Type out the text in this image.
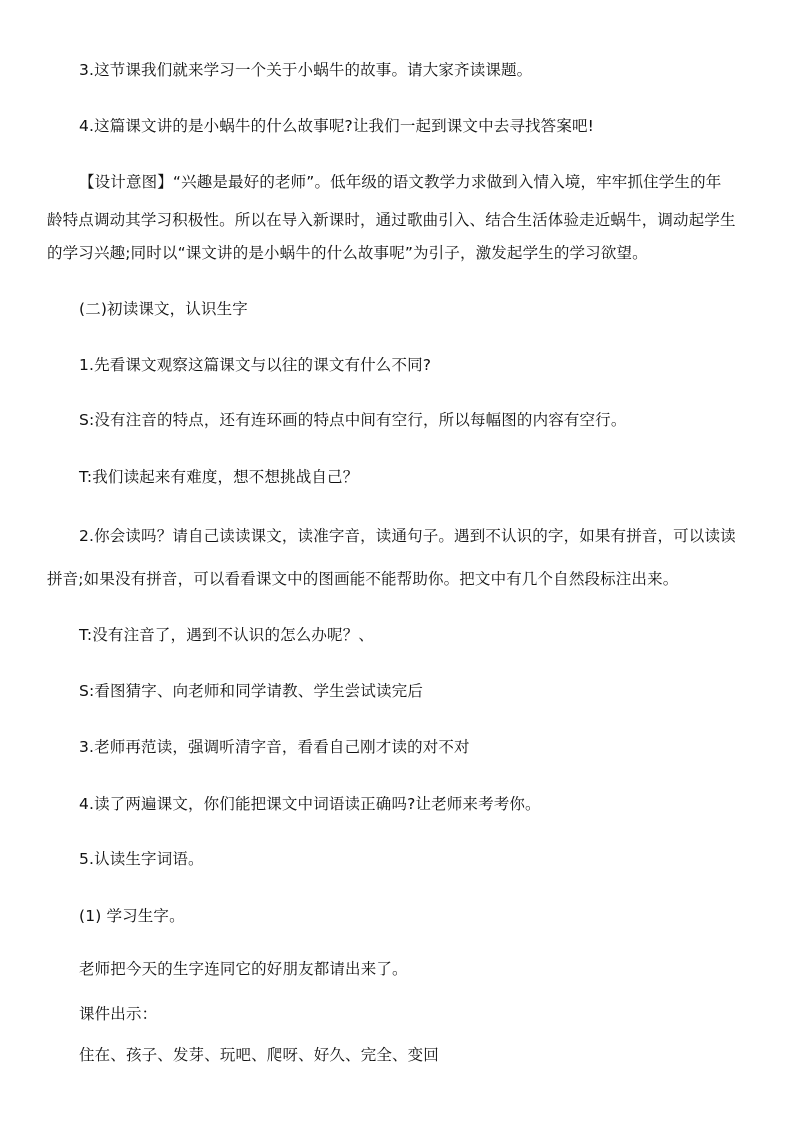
3.这节课我们就来学习一个关于小蜗牛的故事。请大家齐读课题。
4.这篇课文讲的是小蜗牛的什么故事呢?让我们一起到课文中去寻找答案吧!
【设计意图】“兴趣是最好的老师”。低年级的语文教学力求做到入情入境，牢牢抓住学生的年
龄特点调动其学习积极性。所以在导入新课时，通过歌曲引入、结合生活体验走近蜗牛，调动起学生
的学习兴趣;同时以“课文讲的是小蜗牛的什么故事呢”为引子，激发起学生的学习欲望。
(二)初读课文，认识生字
1.先看课文观察这篇课文与以往的课文有什么不同?
S:没有注音的特点，还有连环画的特点中间有空行，所以每幅图的内容有空行。
T:我们读起来有难度，想不想挑战自己？
2.你会读吗？请自己读读课文，读准字音，读通句子。遇到不认识的字，如果有拼音，可以读读
拼音;如果没有拼音，可以看看课文中的图画能不能帮助你。把文中有几个自然段标注出来。
T:没有注音了，遇到不认识的怎么办呢？、
S:看图猜字、向老师和同学请教、学生尝试读完后
3.老师再范读，强调听清字音，看看自己刚才读的对不对
4.读了两遍课文，你们能把课文中词语读正确吗?让老师来考考你。
5.认读生字词语。
(1) 学习生字。
老师把今天的生字连同它的好朋友都请出来了。
课件出示：
住在、孩子、发芽、玩吧、爬呀、好久、完全、变回
